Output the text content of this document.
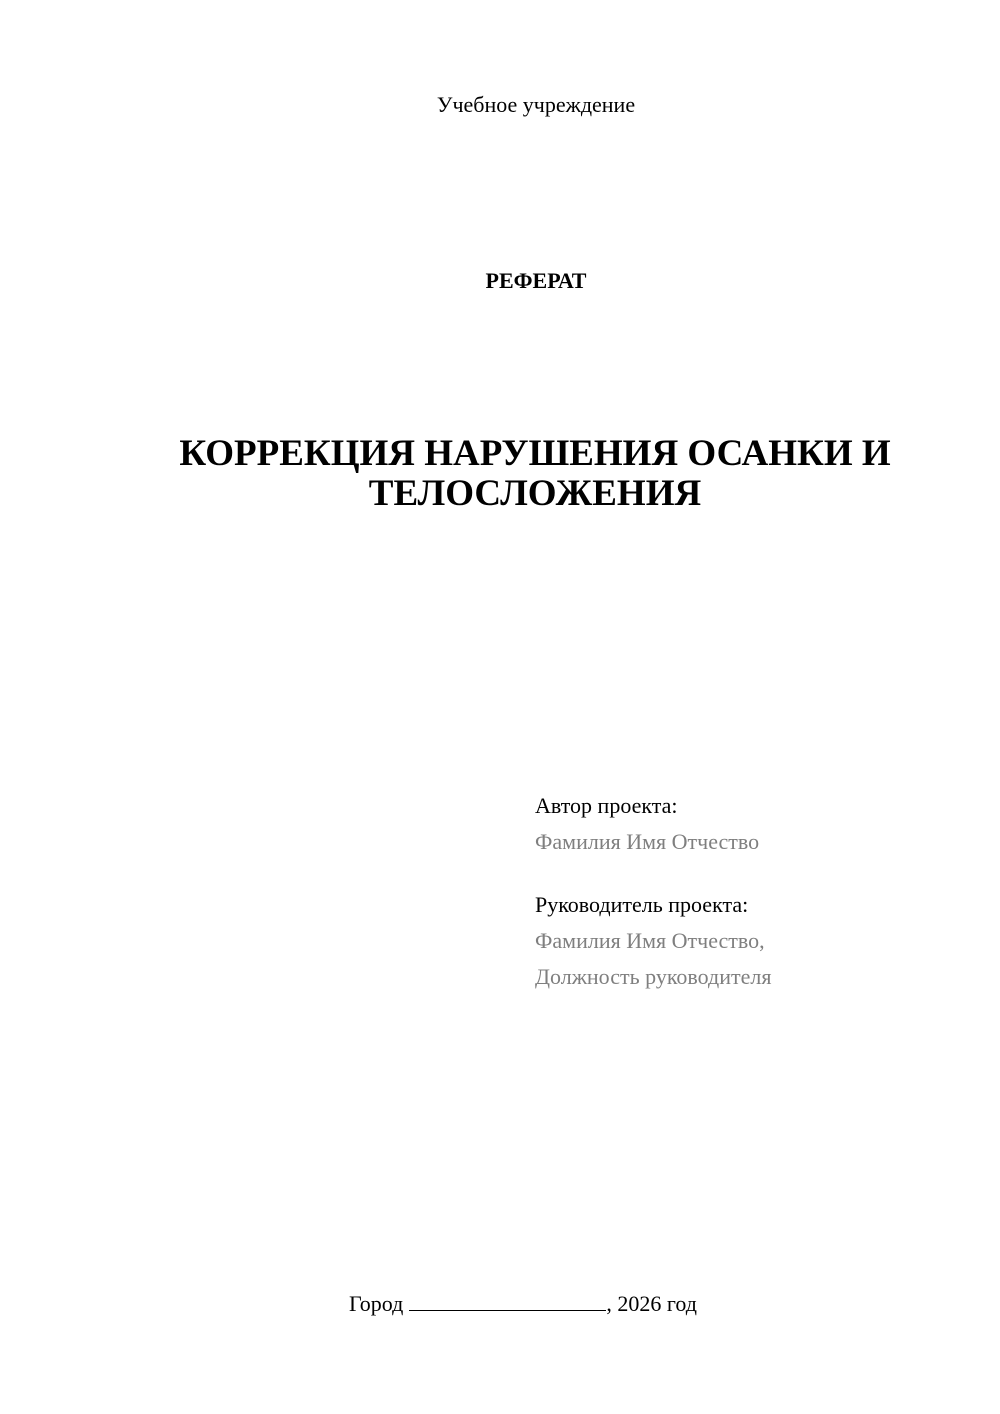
Учебное учреждение
РЕФЕРАТ
КОРРЕКЦИЯ НАРУШЕНИЯ ОСАНКИ И
ТЕЛОСЛОЖЕНИЯ
Автор проекта:
Фамилия Имя Отчество
Руководитель проекта:
Фамилия Имя Отчество,
Должность руководителя
Город	, 2026 год
